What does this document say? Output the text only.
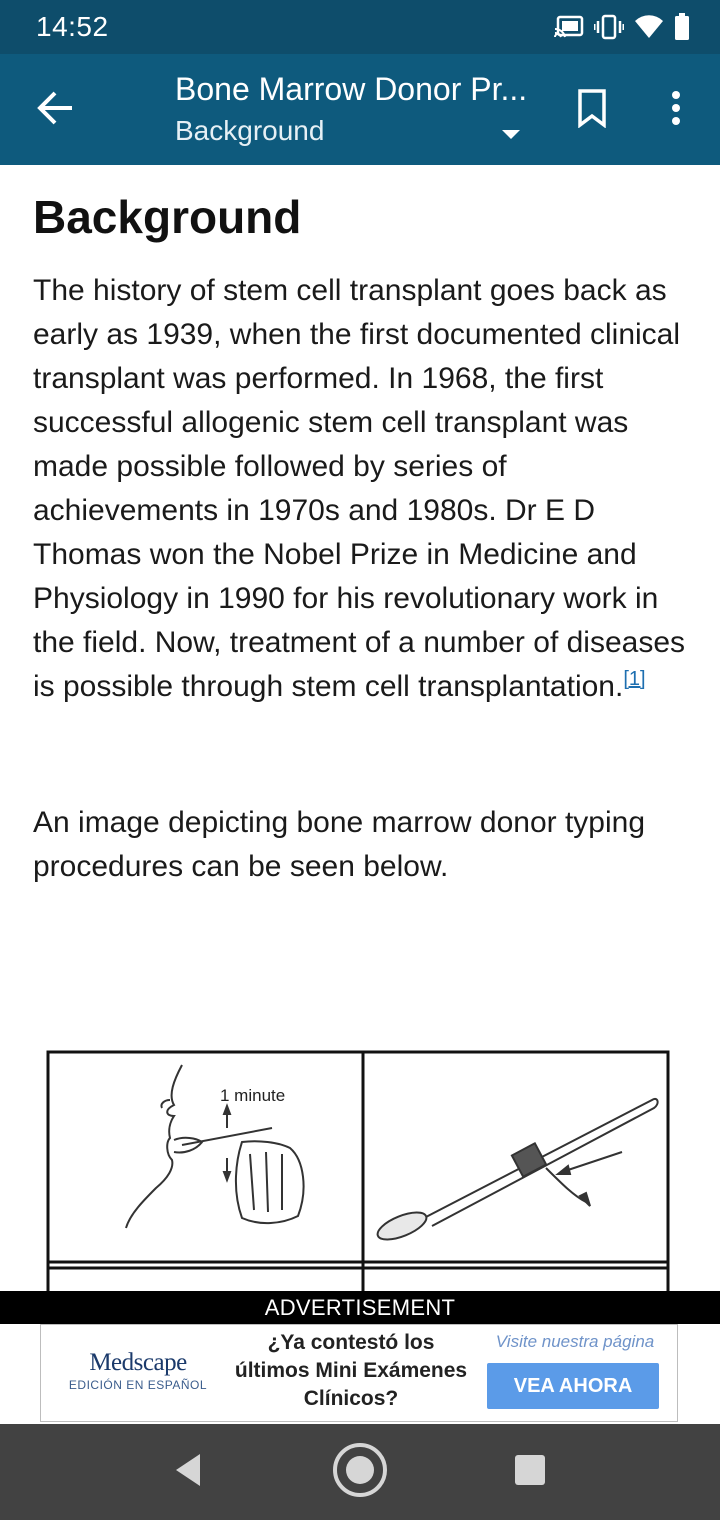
14:52
Bone Marrow Donor Pr...
Background
Background

The history of stem cell transplant goes back as early as 1939, when the first documented clinical transplant was performed. In 1968, the first successful allogenic stem cell transplant was made possible followed by series of achievements in 1970s and 1980s. Dr E D Thomas won the Nobel Prize in Medicine and Physiology in 1990 for his revolutionary work in the field. Now, treatment of a number of diseases is possible through stem cell transplantation.[1]

An image depicting bone marrow donor typing procedures can be seen below.

1 minute
ADVERTISEMENT
Medscape
EDICIÓN EN ESPAÑOL
¿Ya contestó los últimos Mini Exámenes Clínicos?
Visite nuestra página
VEA AHORA
